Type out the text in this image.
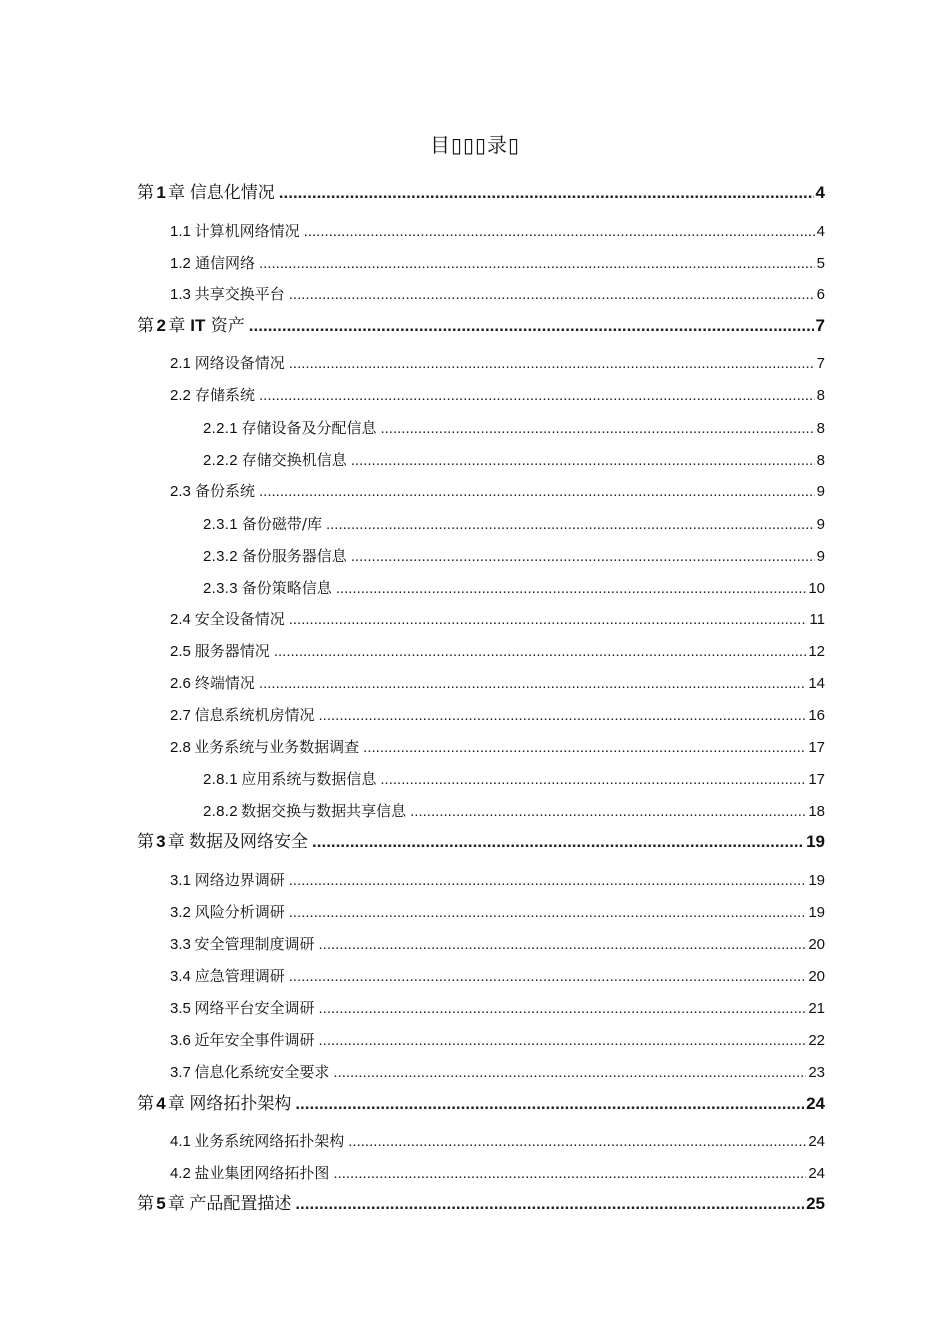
目▯▯▯录▯
第 1 章 信息化情况 .....	4
1.1 计算机网络情况 .....	4
1.2 通信网络 .....	5
1.3 共享交换平台 .....	6
第 2 章 IT 资产 .....	7
2.1 网络设备情况 .....	7
2.2 存储系统 .....	8
2.2.1 存储设备及分配信息 .....	8
2.2.2 存储交换机信息 .....	8
2.3 备份系统 .....	9
2.3.1 备份磁带/库 .....	9
2.3.2 备份服务器信息 .....	9
2.3.3 备份策略信息 .....	10
2.4 安全设备情况 .....	11
2.5 服务器情况 .....	12
2.6 终端情况 .....	14
2.7 信息系统机房情况 .....	16
2.8 业务系统与业务数据调查 .....	17
2.8.1 应用系统与数据信息 .....	17
2.8.2 数据交换与数据共享信息 .....	18
第 3 章 数据及网络安全 .....	19
3.1 网络边界调研 .....	19
3.2 风险分析调研 .....	19
3.3 安全管理制度调研 .....	20
3.4 应急管理调研 .....	20
3.5 网络平台安全调研 .....	21
3.6 近年安全事件调研 .....	22
3.7 信息化系统安全要求 .....	23
第 4 章 网络拓扑架构 .....	24
4.1 业务系统网络拓扑架构 .....	24
4.2 盐业集团网络拓扑图 .....	24
第 5 章 产品配置描述 .....	25
